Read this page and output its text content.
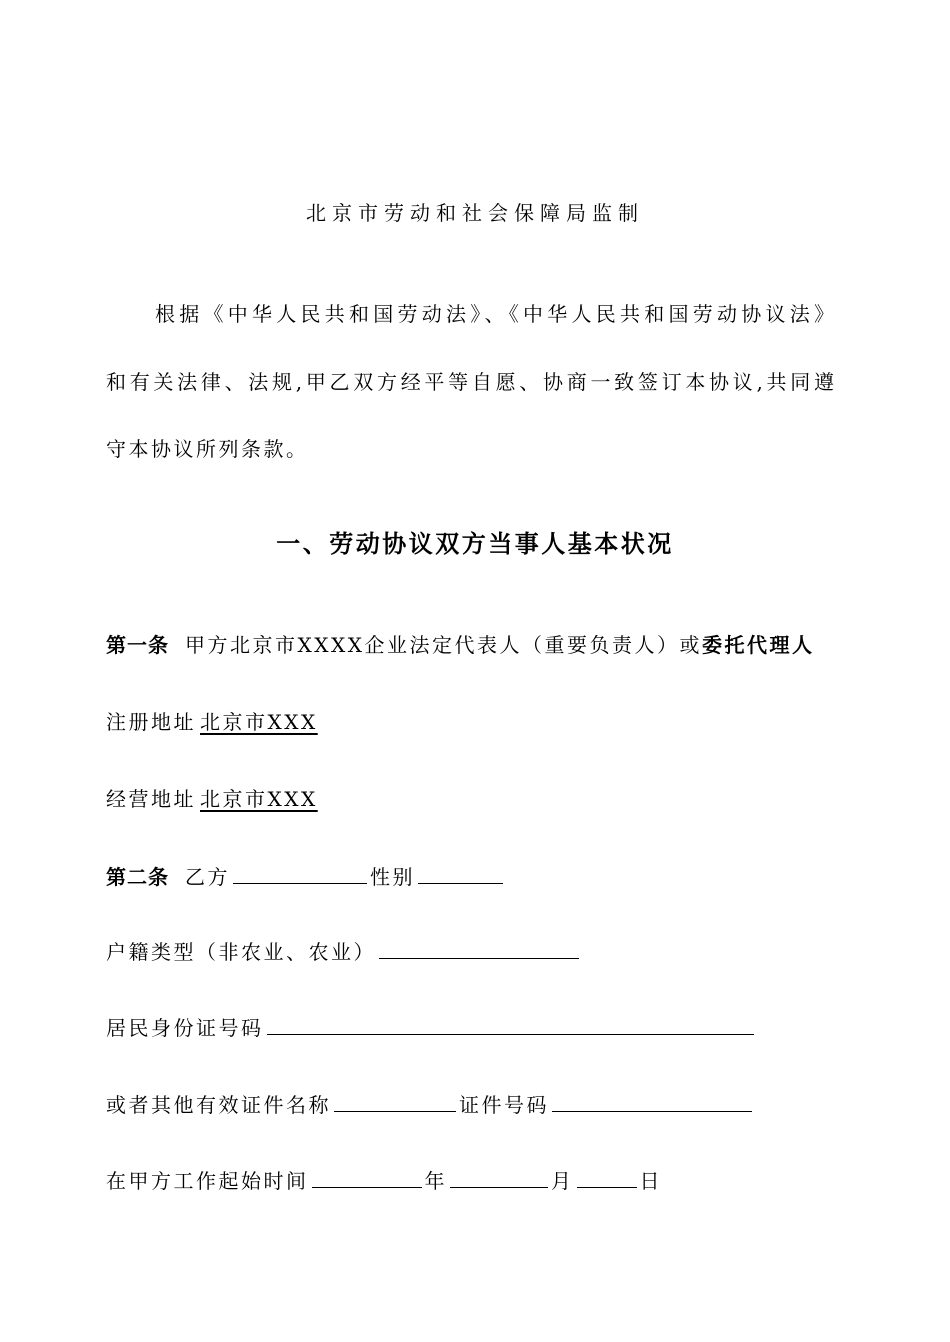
北京市劳动和社会保障局监制
根据《中华人民共和国劳动法》、《中华人民共和国劳动协议法》
和有关法律、法规,甲乙双方经平等自愿、协商一致签订本协议,共同遵
守本协议所列条款。
一、劳动协议双方当事人基本状况
第一条 甲方北京市XXXX企业法定代表人（重要负责人）或委托代理人
注册地址 北京市XXX
经营地址 北京市XXX
第二条 乙方	性别
户籍类型（非农业、农业）
居民身份证号码
或者其他有效证件名称	证件号码
在甲方工作起始时间	年	月	日
